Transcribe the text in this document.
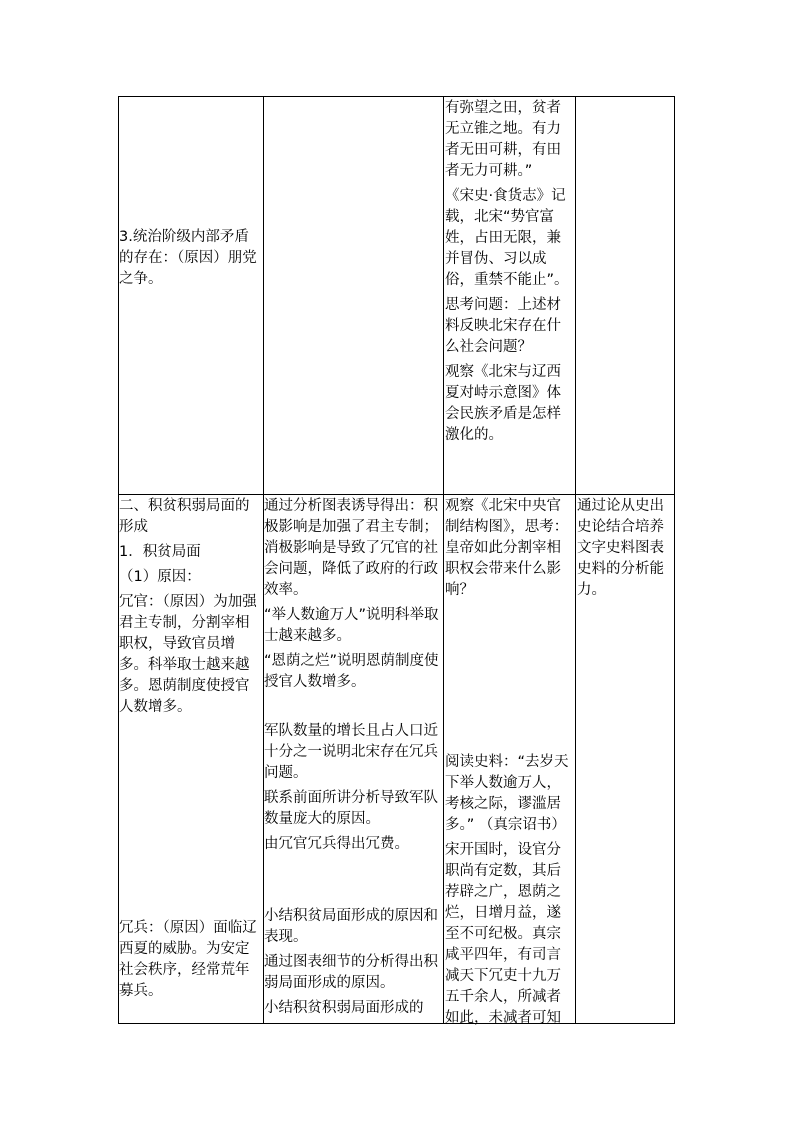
3.统治阶级内部矛盾的存在：（原因）朋党之争。

有弥望之田，贫者无立锥之地。有力者无田可耕，有田者无力可耕。”

《宋史·食货志》记载，北宋“势官富姓，占田无限，兼并冒伪、习以成俗，重禁不能止”。

思考问题：上述材料反映北宋存在什么社会问题？

观察《北宋与辽西夏对峙示意图》体会民族矛盾是怎样激化的。

二、积贫积弱局面的形成

1．积贫局面

（1）原因：

冗官：（原因）为加强君主专制，分割宰相职权，导致官员增多。科举取士越来越多。恩荫制度使授官人数增多。

冗兵：（原因）面临辽西夏的威胁。为安定社会秩序，经常荒年募兵。

通过分析图表诱导得出：积极影响是加强了君主专制；消极影响是导致了冗官的社会问题，降低了政府的行政效率。

“举人数逾万人”说明科举取士越来越多。

“恩荫之烂”说明恩荫制度使授官人数增多。

军队数量的增长且占人口近十分之一说明北宋存在冗兵问题。

联系前面所讲分析导致军队数量庞大的原因。

由冗官冗兵得出冗费。

小结积贫局面形成的原因和表现。

通过图表细节的分析得出积弱局面形成的原因。

小结积贫积弱局面形成的

观察《北宋中央官制结构图》，思考：皇帝如此分割宰相职权会带来什么影响？

阅读史料：“去岁天下举人数逾万人，考核之际，谬滥居多。” （真宗诏书）

宋开国时，设官分职尚有定数，其后荐辟之广，恩荫之烂，日增月益，遂至不可纪极。真宗咸平四年，有司言减天下冗吏十九万五千余人，所减者如此，未减者可知

通过论从史出史论结合培养文字史料图表史料的分析能力。
